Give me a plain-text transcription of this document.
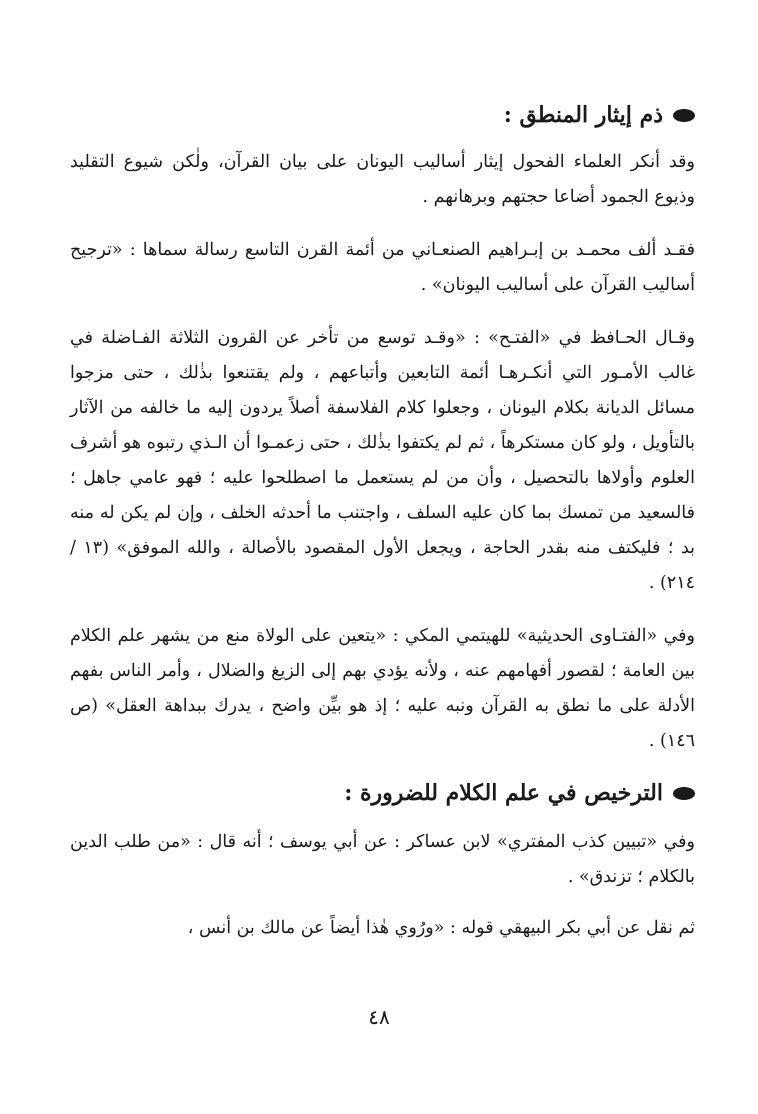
ذم إيثار المنطق :

وقد أنكر العلماء الفحول إيثار أساليب اليونان على بيان القرآن، ولٰكن شيوع التقليد وذيوع الجمود أضاعا حجتهم وبرهانهم .

فقـد ألف محمـد بن إبـراهيم الصنعـاني من أئمة القرن التاسع رسالة سماها : «ترجيح أساليب القرآن على أساليب اليونان» .

وقـال الحـافظ في «الفتـح» : «وقـد توسع من تأخر عن القرون الثلاثة الفـاضلة في غالب الأمـور التي أنكـرهـا أئمة التابعين وأتباعهم ، ولم يقتنعوا بذٰلك ، حتى مزجوا مسائل الديانة بكلام اليونان ، وجعلوا كلام الفلاسفة أصلاً يردون إليه ما خالفه من الآثار بالتأويل ، ولو كان مستكرهاً ، ثم لم يكتفوا بذٰلك ، حتى زعمـوا أن الـذي رتبوه هو أشرف العلوم وأولاها بالتحصيل ، وأن من لم يستعمل ما اصطلحوا عليه ؛ فهو عامي جاهل ؛ فالسعيد من تمسك بما كان عليه السلف ، واجتنب ما أحدثه الخلف ، وإن لم يكن له منه بد ؛ فليكتف منه بقدر الحاجة ، ويجعل الأول المقصود بالأصالة ، والله الموفق» (١٣ / ٢١٤) .

وفي «الفتـاوى الحديثية» للهيتمي المكي : «يتعين على الولاة منع من يشهر علم الكلام بين العامة ؛ لقصور أفهامهم عنه ، ولأنه يؤدي بهم إلى الزيغ والضلال ، وأمر الناس بفهم الأدلة على ما نطق به القرآن ونبه عليه ؛ إذ هو بيِّن واضح ، يدرك ببداهة العقل» (ص ١٤٦) .

الترخيص في علم الكلام للضرورة :

وفي «تبيين كذب المفتري» لابن عساكر : عن أبي يوسف ؛ أنه قال : «من طلب الدين بالكلام ؛ تزندق» .

ثم نقل عن أبي بكر البيهقي قوله : «ورُوي هٰذا أيضاً عن مالك بن أنس ،

٤٨
